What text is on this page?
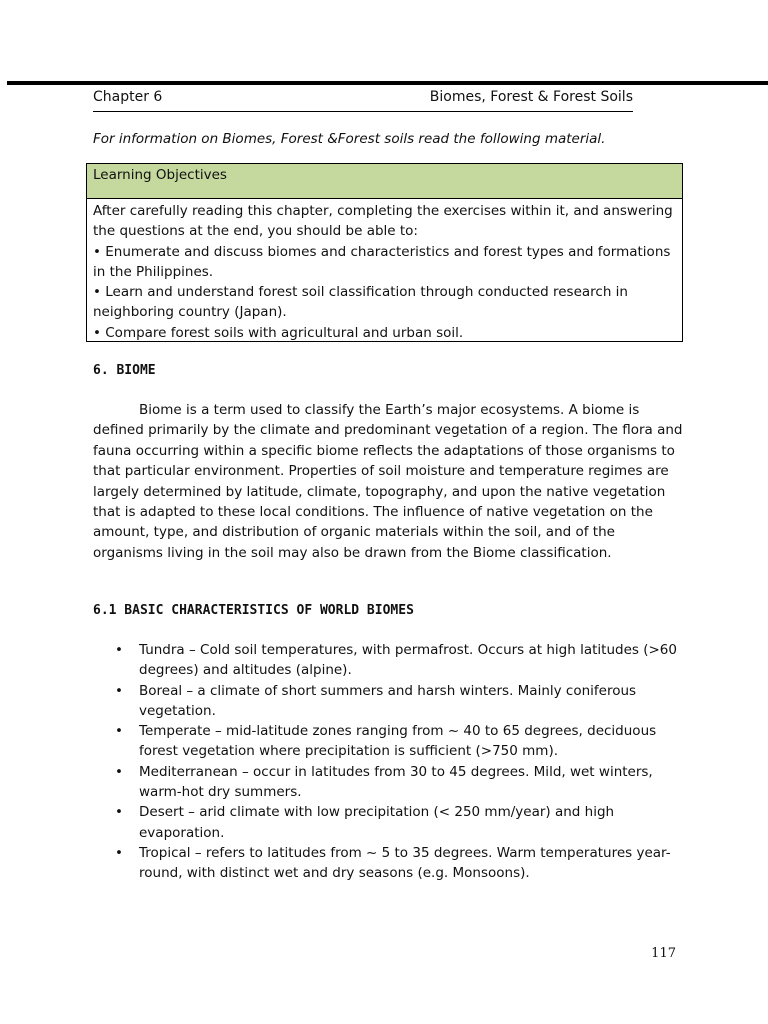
Chapter 6	Biomes, Forest & Forest Soils
For information on Biomes, Forest &Forest soils read the following material.
Learning Objectives

After carefully reading this chapter, completing the exercises within it, and answering the questions at the end, you should be able to:

• Enumerate and discuss biomes and characteristics and forest types and formations in the Philippines.

• Learn and understand forest soil classification through conducted research in neighboring country (Japan).

• Compare forest soils with agricultural and urban soil.

6. BIOME

Biome is a term used to classify the Earth’s major ecosystems. A biome is defined primarily by the climate and predominant vegetation of a region. The flora and fauna occurring within a specific biome reflects the adaptations of those organisms to that particular environment. Properties of soil moisture and temperature regimes are largely determined by latitude, climate, topography, and upon the native vegetation that is adapted to these local conditions. The influence of native vegetation on the amount, type, and distribution of organic materials within the soil, and of the organisms living in the soil may also be drawn from the Biome classification.

6.1 BASIC CHARACTERISTICS OF WORLD BIOMES
• Tundra – Cold soil temperatures, with permafrost. Occurs at high latitudes (>60 degrees) and altitudes (alpine).
• Boreal – a climate of short summers and harsh winters. Mainly coniferous vegetation.
• Temperate – mid-latitude zones ranging from ~ 40 to 65 degrees, deciduous forest vegetation where precipitation is sufficient (>750 mm).
• Mediterranean – occur in latitudes from 30 to 45 degrees. Mild, wet winters, warm-hot dry summers.
• Desert – arid climate with low precipitation (< 250 mm/year) and high evaporation.
• Tropical – refers to latitudes from ~ 5 to 35 degrees. Warm temperatures year-round, with distinct wet and dry seasons (e.g. Monsoons).
117
